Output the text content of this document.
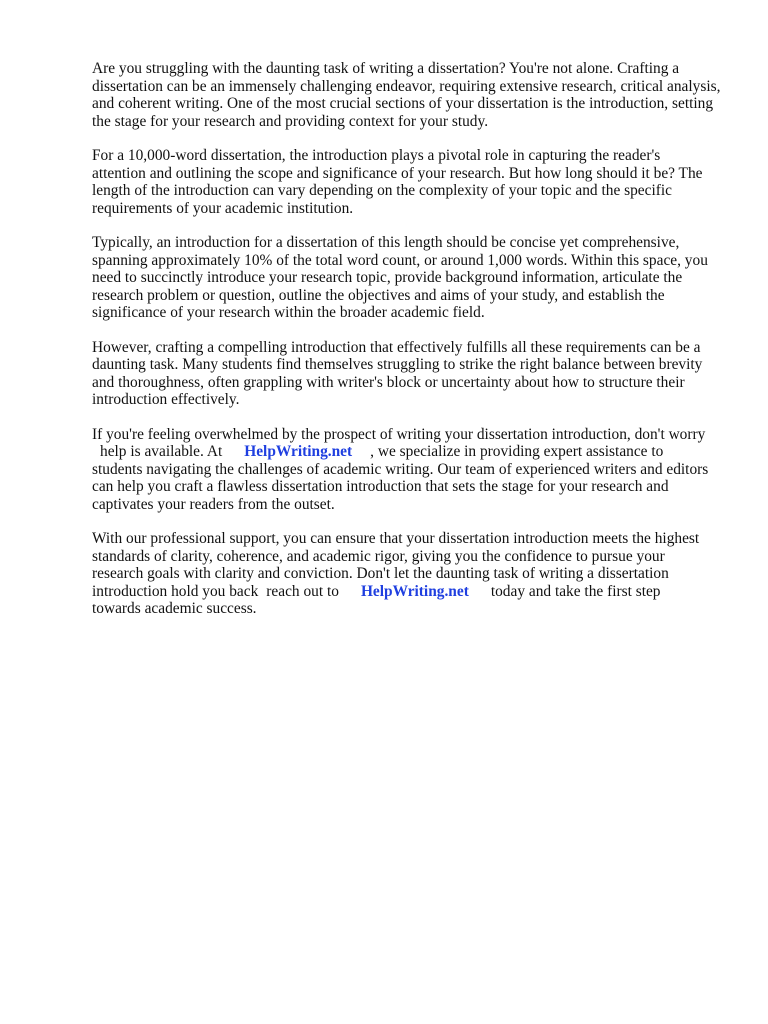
Are you struggling with the daunting task of writing a dissertation? You're not alone. Crafting a
dissertation can be an immensely challenging endeavor, requiring extensive research, critical analysis,
and coherent writing. One of the most crucial sections of your dissertation is the introduction, setting
the stage for your research and providing context for your study.

For a 10,000-word dissertation, the introduction plays a pivotal role in capturing the reader's
attention and outlining the scope and significance of your research. But how long should it be? The
length of the introduction can vary depending on the complexity of your topic and the specific
requirements of your academic institution.

Typically, an introduction for a dissertation of this length should be concise yet comprehensive,
spanning approximately 10% of the total word count, or around 1,000 words. Within this space, you
need to succinctly introduce your research topic, provide background information, articulate the
research problem or question, outline the objectives and aims of your study, and establish the
significance of your research within the broader academic field.

However, crafting a compelling introduction that effectively fulfills all these requirements can be a
daunting task. Many students find themselves struggling to strike the right balance between brevity
and thoroughness, often grappling with writer's block or uncertainty about how to structure their
introduction effectively.

If you're feeling overwhelmed by the prospect of writing your dissertation introduction, don't worry
help is available. At HelpWriting.net , we specialize in providing expert assistance to
students navigating the challenges of academic writing. Our team of experienced writers and editors
can help you craft a flawless dissertation introduction that sets the stage for your research and
captivates your readers from the outset.

With our professional support, you can ensure that your dissertation introduction meets the highest
standards of clarity, coherence, and academic rigor, giving you the confidence to pursue your
research goals with clarity and conviction. Don't let the daunting task of writing a dissertation
introduction hold you back reach out to HelpWriting.net today and take the first step
towards academic success.
